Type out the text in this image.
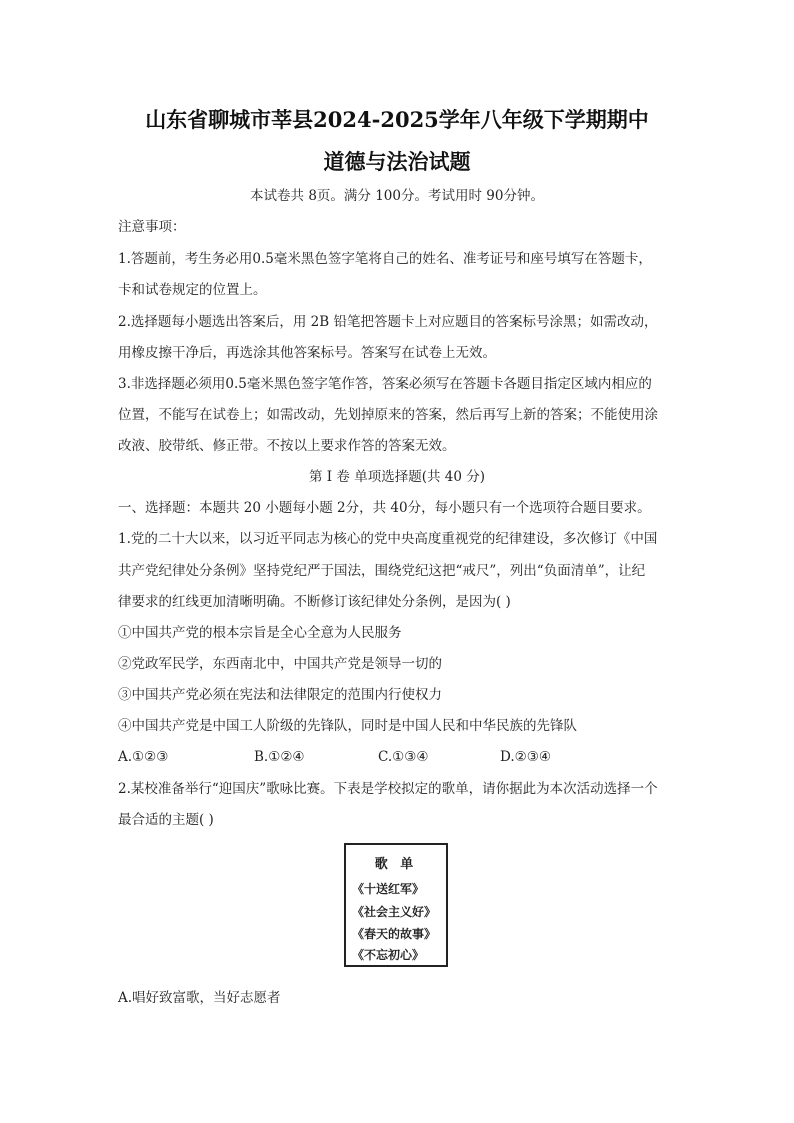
山东省聊城市莘县2024-2025学年八年级下学期期中
道德与法治试题
本试卷共 8页。满分 100分。考试用时 90分钟。
注意事项：
1.答题前，考生务必用0.5毫米黑色签字笔将自己的姓名、准考证号和座号填写在答题卡，
卡和试卷规定的位置上。
2.选择题每小题选出答案后，用 2B 铅笔把答题卡上对应题目的答案标号涂黑；如需改动，
用橡皮擦干净后，再选涂其他答案标号。答案写在试卷上无效。
3.非选择题必须用0.5毫米黑色签字笔作答，答案必须写在答题卡各题目指定区域内相应的
位置，不能写在试卷上；如需改动，先划掉原来的答案，然后再写上新的答案；不能使用涂
改液、胶带纸、修正带。不按以上要求作答的答案无效。
第 I 卷 单项选择题(共 40 分)
一、选择题：本题共 20 小题每小题 2分，共 40分，每小题只有一个选项符合题目要求。
1.党的二十大以来，以习近平同志为核心的党中央高度重视党的纪律建设，多次修订《中国
共产党纪律处分条例》坚持党纪严于国法，围绕党纪这把“戒尺”，列出“负面清单”，让纪
律要求的红线更加清晰明确。不断修订该纪律处分条例，是因为( )
①中国共产党的根本宗旨是全心全意为人民服务
②党政军民学，东西南北中，中国共产党是领导一切的
③中国共产党必须在宪法和法律限定的范围内行使权力
④中国共产党是中国工人阶级的先锋队，同时是中国人民和中华民族的先锋队
A.①②③	B.①②④	C.①③④	D.②③④
2.某校准备举行“迎国庆”歌咏比赛。下表是学校拟定的歌单，请你据此为本次活动选择一个
最合适的主题( )
歌 单
《十送红军》
《社会主义好》
《春天的故事》
《不忘初心》
A.唱好致富歌，当好志愿者
